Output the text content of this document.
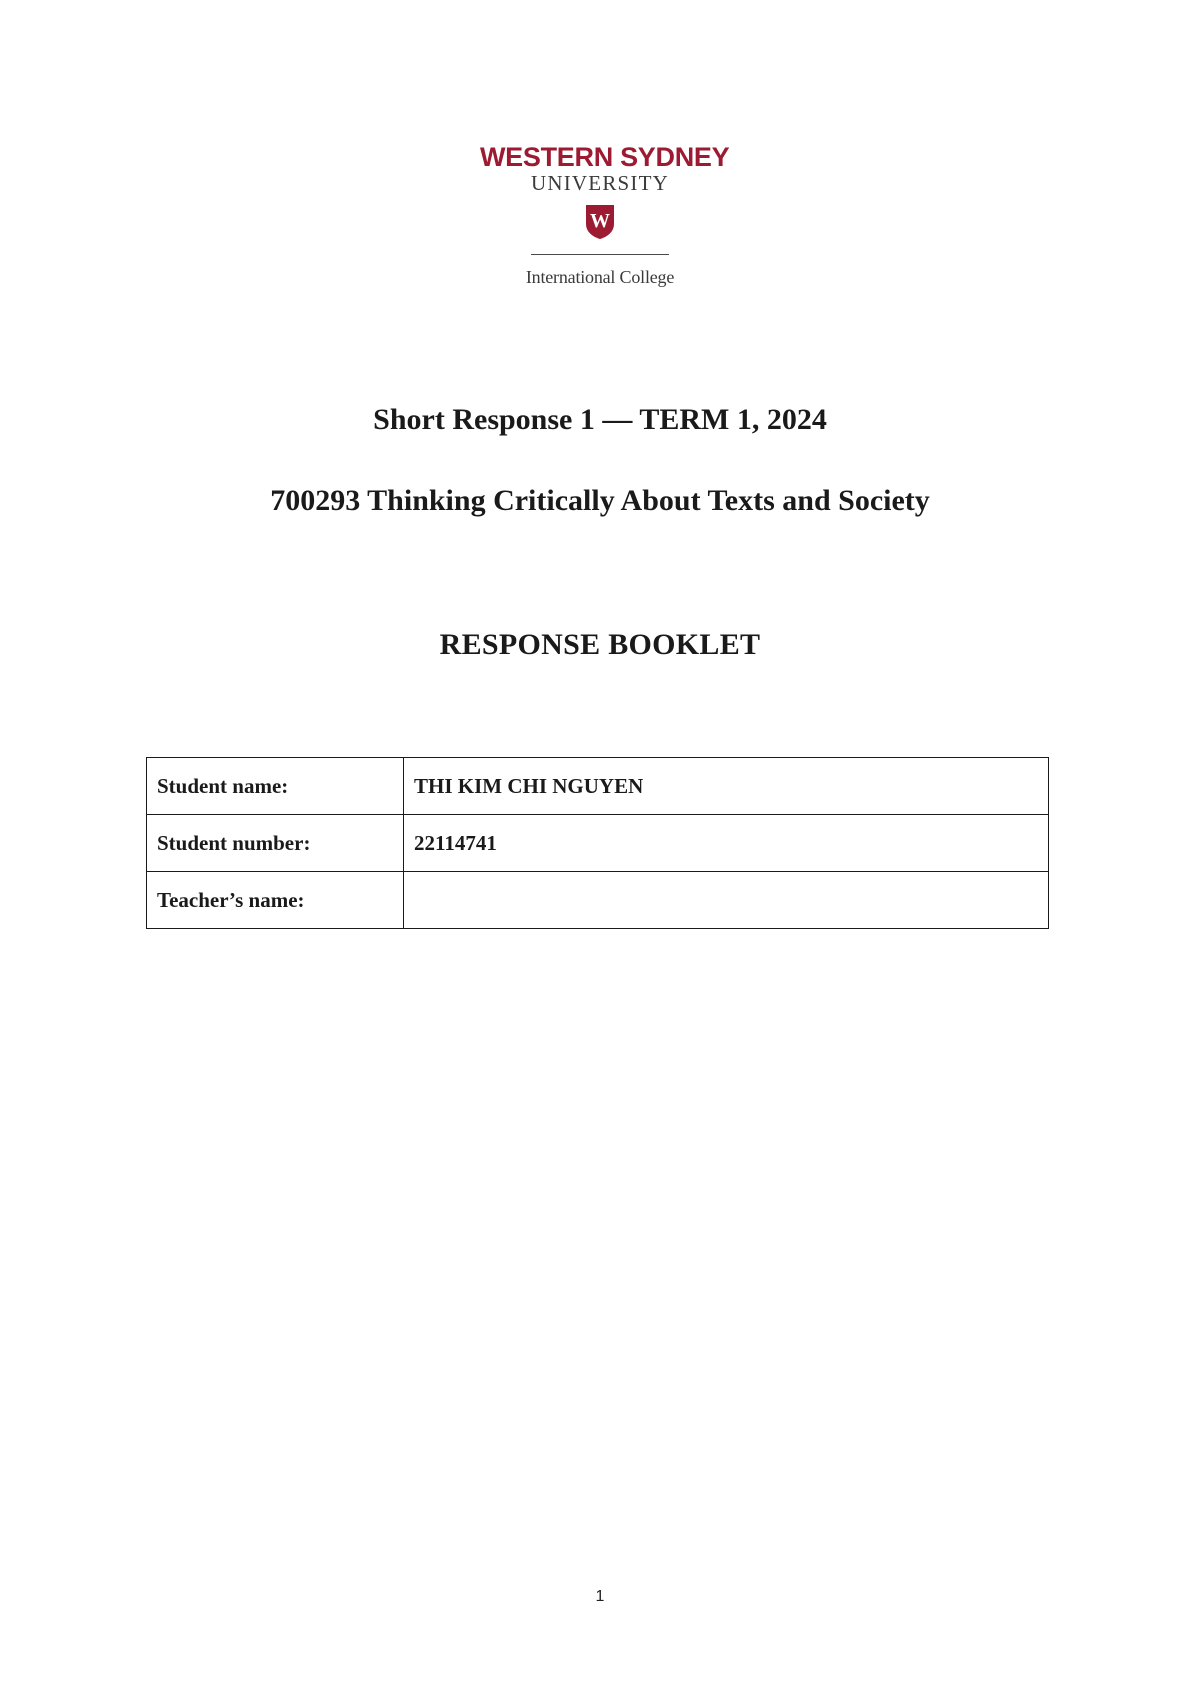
WESTERN SYDNEY
UNIVERSITY
W
International College
Short Response 1 — TERM 1, 2024
700293 Thinking Critically About Texts and Society
RESPONSE BOOKLET
Student name:	THI KIM CHI NGUYEN
Student number:	22114741
Teacher’s name:	
1
